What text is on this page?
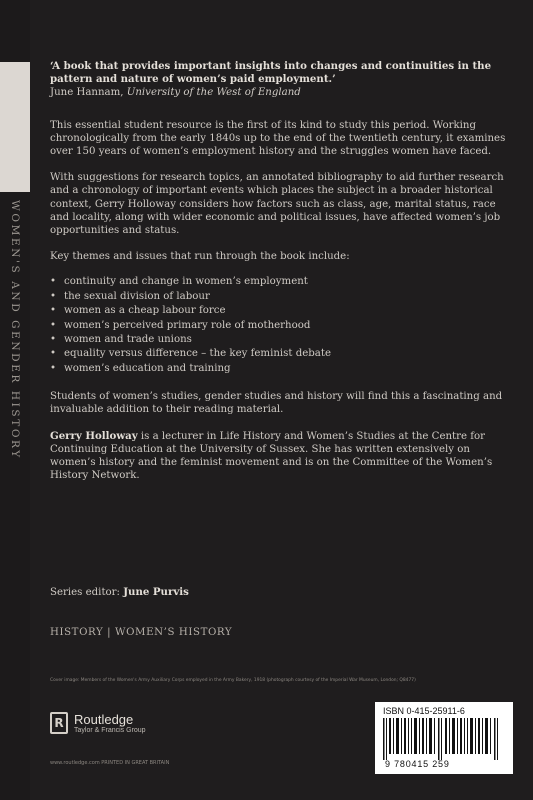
WOMEN'S AND GENDER HISTORY

‘A book that provides important insights into changes and continuities in the pattern and nature of women’s paid employment.’

June Hannam, University of the West of England

This essential student resource is the first of its kind to study this period. Working chronologically from the early 1840s up to the end of the twentieth century, it examines over 150 years of women’s employment history and the struggles women have faced.

With suggestions for research topics, an annotated bibliography to aid further research and a chronology of important events which places the subject in a broader historical context, Gerry Holloway considers how factors such as class, age, marital status, race and locality, along with wider economic and political issues, have affected women’s job opportunities and status.

Key themes and issues that run through the book include:

• continuity and change in women’s employment
• the sexual division of labour
• women as a cheap labour force
• women’s perceived primary role of motherhood
• women and trade unions
• equality versus difference – the key feminist debate
• women’s education and training

Students of women’s studies, gender studies and history will find this a fascinating and invaluable addition to their reading material.

Gerry Holloway is a lecturer in Life History and Women’s Studies at the Centre for Continuing Education at the University of Sussex. She has written extensively on women’s history and the feminist movement and is on the Committee of the Women’s History Network.

Series editor: June Purvis
HISTORY | WOMEN’S HISTORY
Cover image: Members of the Women's Army Auxiliary Corps employed in the Army Bakery, 1918 (photograph courtesy of the Imperial War Museum, London; Q8477)
R Routledge
Taylor & Francis Group
www.routledge.com PRINTED IN GREAT BRITAIN
ISBN 0-415-25911-6
9 780415 259
